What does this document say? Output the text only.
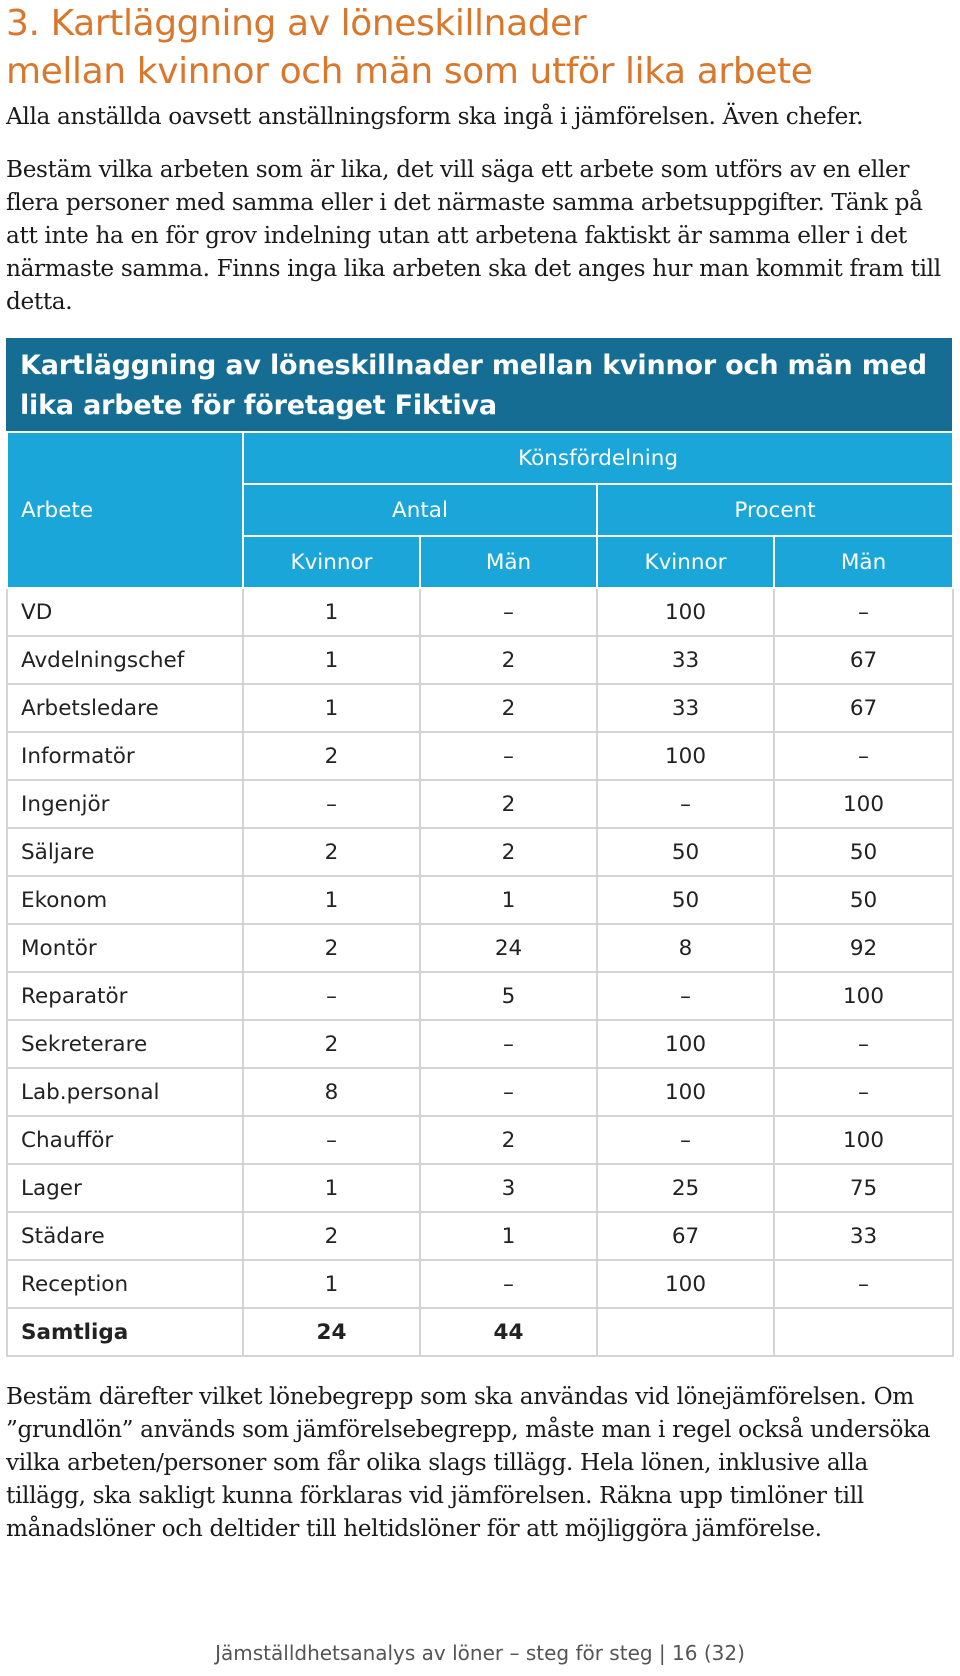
3. Kartläggning av löneskillnader
mellan kvinnor och män som utför lika arbete

Alla anställda oavsett anställningsform ska ingå i jämförelsen. Även chefer.

Bestäm vilka arbeten som är lika, det vill säga ett arbete som utförs av en eller flera personer med samma eller i det närmaste samma arbetsuppgifter. Tänk på att inte ha en för grov indelning utan att arbetena faktiskt är samma eller i det närmaste samma. Finns inga lika arbeten ska det anges hur man kommit fram till detta.

Kartläggning av löneskillnader mellan kvinnor och män med lika arbete för företaget Fiktiva
Arbete	Könsfördelning			
	Antal		Procent	
	Kvinnor	Män	Kvinnor	Män
VD	1	–	100	–
Avdelningschef	1	2	33	67
Arbetsledare	1	2	33	67
Informatör	2	–	100	–
Ingenjör	–	2	–	100
Säljare	2	2	50	50
Ekonom	1	1	50	50
Montör	2	24	8	92
Reparatör	–	5	–	100
Sekreterare	2	–	100	–
Lab.personal	8	–	100	–
Chaufför	–	2	–	100
Lager	1	3	25	75
Städare	2	1	67	33
Reception	1	–	100	–
Samtliga	24	44		

Bestäm därefter vilket lönebegrepp som ska användas vid lönejämförelsen. Om ”grundlön” används som jämförelsebegrepp, måste man i regel också undersöka vilka arbeten/personer som får olika slags tillägg. Hela lönen, inklusive alla tillägg, ska sakligt kunna förklaras vid jämförelsen. Räkna upp timlöner till månadslöner och deltider till heltidslöner för att möjliggöra jämförelse.

Jämställdhetsanalys av löner – steg för steg | 16 (32)
